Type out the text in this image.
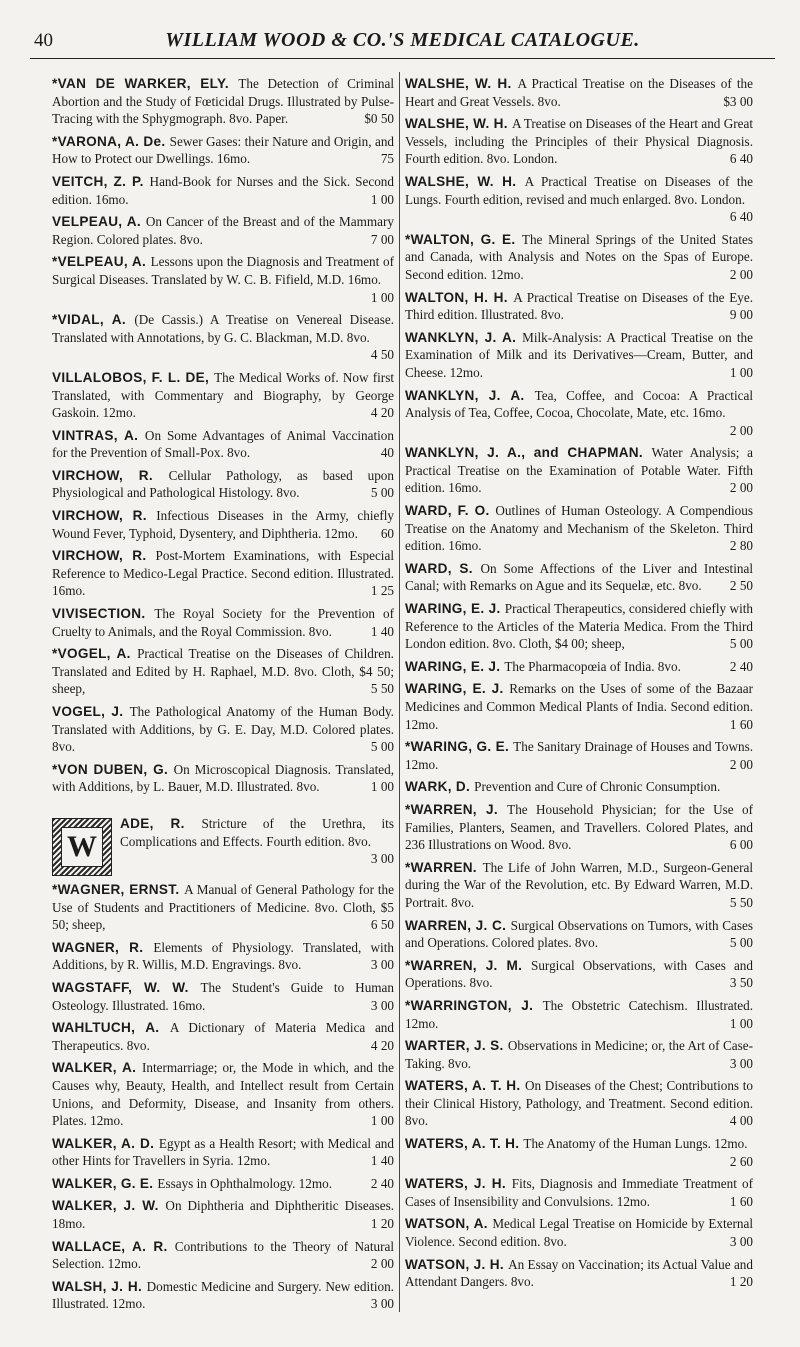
40	WILLIAM WOOD & CO.'S MEDICAL CATALOGUE.
*VAN DE WARKER, ELY. The Detection of Criminal Abortion and the Study of Fœticidal Drugs. Illustrated by Pulse-Tracing with the Sphygmograph. 8vo. Paper.	$0 50
*VARONA, A. De. Sewer Gases: their Nature and Origin, and How to Protect our Dwellings. 16mo.	75
VEITCH, Z. P. Hand-Book for Nurses and the Sick. Second edition. 16mo.	1 00
VELPEAU, A. On Cancer of the Breast and of the Mammary Region. Colored plates. 8vo.	7 00
*VELPEAU, A. Lessons upon the Diagnosis and Treatment of Surgical Diseases. Translated by W. C. B. Fifield, M.D. 16mo.
1 00
*VIDAL, A. (De Cassis.) A Treatise on Venereal Disease. Translated with Annotations, by G. C. Blackman, M.D. 8vo.
4 50
VILLALOBOS, F. L. DE, The Medical Works of. Now first Translated, with Commentary and Biography, by George Gaskoin. 12mo.	4 20
VINTRAS, A. On Some Advantages of Animal Vaccination for the Prevention of Small-Pox. 8vo.	40
VIRCHOW, R. Cellular Pathology, as based upon Physiological and Pathological Histology. 8vo.	5 00
VIRCHOW, R. Infectious Diseases in the Army, chiefly Wound Fever, Typhoid, Dysentery, and Diphtheria. 12mo.	60
VIRCHOW, R. Post-Mortem Examinations, with Especial Reference to Medico-Legal Practice. Second edition. Illustrated. 16mo.	1 25
VIVISECTION. The Royal Society for the Prevention of Cruelty to Animals, and the Royal Commission. 8vo.	1 40
*VOGEL, A. Practical Treatise on the Diseases of Children. Translated and Edited by H. Raphael, M.D. 8vo. Cloth, $4 50; sheep,	5 50
VOGEL, J. The Pathological Anatomy of the Human Body. Translated with Additions, by G. E. Day, M.D. Colored plates. 8vo.	5 00
*VON DUBEN, G. On Microscopical Diagnosis. Translated, with Additions, by L. Bauer, M.D. Illustrated. 8vo.	1 00
W
ADE, R. Stricture of the Urethra, its Complications and Effects. Fourth edition. 8vo.
3 00
*WAGNER, ERNST. A Manual of General Pathology for the Use of Students and Practitioners of Medicine. 8vo. Cloth, $5 50; sheep,	6 50
WAGNER, R. Elements of Physiology. Translated, with Additions, by R. Willis, M.D. Engravings. 8vo.	3 00
WAGSTAFF, W. W. The Student's Guide to Human Osteology. Illustrated. 16mo.	3 00
WAHLTUCH, A. A Dictionary of Materia Medica and Therapeutics. 8vo.	4 20
WALKER, A. Intermarriage; or, the Mode in which, and the Causes why, Beauty, Health, and Intellect result from Certain Unions, and Deformity, Disease, and Insanity from others. Plates. 12mo.	1 00
WALKER, A. D. Egypt as a Health Resort; with Medical and other Hints for Travellers in Syria. 12mo.	1 40
WALKER, G. E. Essays in Ophthalmology. 12mo.	2 40
WALKER, J. W. On Diphtheria and Diphtheritic Diseases. 18mo.	1 20
WALLACE, A. R. Contributions to the Theory of Natural Selection. 12mo.	2 00
WALSH, J. H. Domestic Medicine and Surgery. New edition. Illustrated. 12mo.	3 00
WALSHE, W. H. A Practical Treatise on the Diseases of the Heart and Great Vessels. 8vo.	$3 00
WALSHE, W. H. A Treatise on Diseases of the Heart and Great Vessels, including the Principles of their Physical Diagnosis. Fourth edition. 8vo. London.	6 40
WALSHE, W. H. A Practical Treatise on Diseases of the Lungs. Fourth edition, revised and much enlarged. 8vo. London.
6 40
*WALTON, G. E. The Mineral Springs of the United States and Canada, with Analysis and Notes on the Spas of Europe. Second edition. 12mo.	2 00
WALTON, H. H. A Practical Treatise on Diseases of the Eye. Third edition. Illustrated. 8vo.	9 00
WANKLYN, J. A. Milk-Analysis: A Practical Treatise on the Examination of Milk and its Derivatives—Cream, Butter, and Cheese. 12mo.	1 00
WANKLYN, J. A. Tea, Coffee, and Cocoa: A Practical Analysis of Tea, Coffee, Cocoa, Chocolate, Mate, etc. 16mo.
2 00
WANKLYN, J. A., and CHAPMAN. Water Analysis; a Practical Treatise on the Examination of Potable Water. Fifth edition. 16mo.	2 00
WARD, F. O. Outlines of Human Osteology. A Compendious Treatise on the Anatomy and Mechanism of the Skeleton. Third edition. 16mo.	2 80
WARD, S. On Some Affections of the Liver and Intestinal Canal; with Remarks on Ague and its Sequelæ, etc. 8vo.	2 50
WARING, E. J. Practical Therapeutics, considered chiefly with Reference to the Articles of the Materia Medica. From the Third London edition. 8vo. Cloth, $4 00; sheep,	5 00
WARING, E. J. The Pharmacopœia of India. 8vo.	2 40
WARING, E. J. Remarks on the Uses of some of the Bazaar Medicines and Common Medical Plants of India. Second edition. 12mo.	1 60
*WARING, G. E. The Sanitary Drainage of Houses and Towns. 12mo.	2 00
WARK, D. Prevention and Cure of Chronic Consumption.
*WARREN, J. The Household Physician; for the Use of Families, Planters, Seamen, and Travellers. Colored Plates, and 236 Illustrations on Wood. 8vo.	6 00
*WARREN. The Life of John Warren, M.D., Surgeon-General during the War of the Revolution, etc. By Edward Warren, M.D. Portrait. 8vo.	5 50
WARREN, J. C. Surgical Observations on Tumors, with Cases and Operations. Colored plates. 8vo.	5 00
*WARREN, J. M. Surgical Observations, with Cases and Operations. 8vo.	3 50
*WARRINGTON, J. The Obstetric Catechism. Illustrated. 12mo.	1 00
WARTER, J. S. Observations in Medicine; or, the Art of Case-Taking. 8vo.	3 00
WATERS, A. T. H. On Diseases of the Chest; Contributions to their Clinical History, Pathology, and Treatment. Second edition. 8vo.	4 00
WATERS, A. T. H. The Anatomy of the Human Lungs. 12mo.
2 60
WATERS, J. H. Fits, Diagnosis and Immediate Treatment of Cases of Insensibility and Convulsions. 12mo.	1 60
WATSON, A. Medical Legal Treatise on Homicide by External Violence. Second edition. 8vo.	3 00
WATSON, J. H. An Essay on Vaccination; its Actual Value and Attendant Dangers. 8vo.	1 20
